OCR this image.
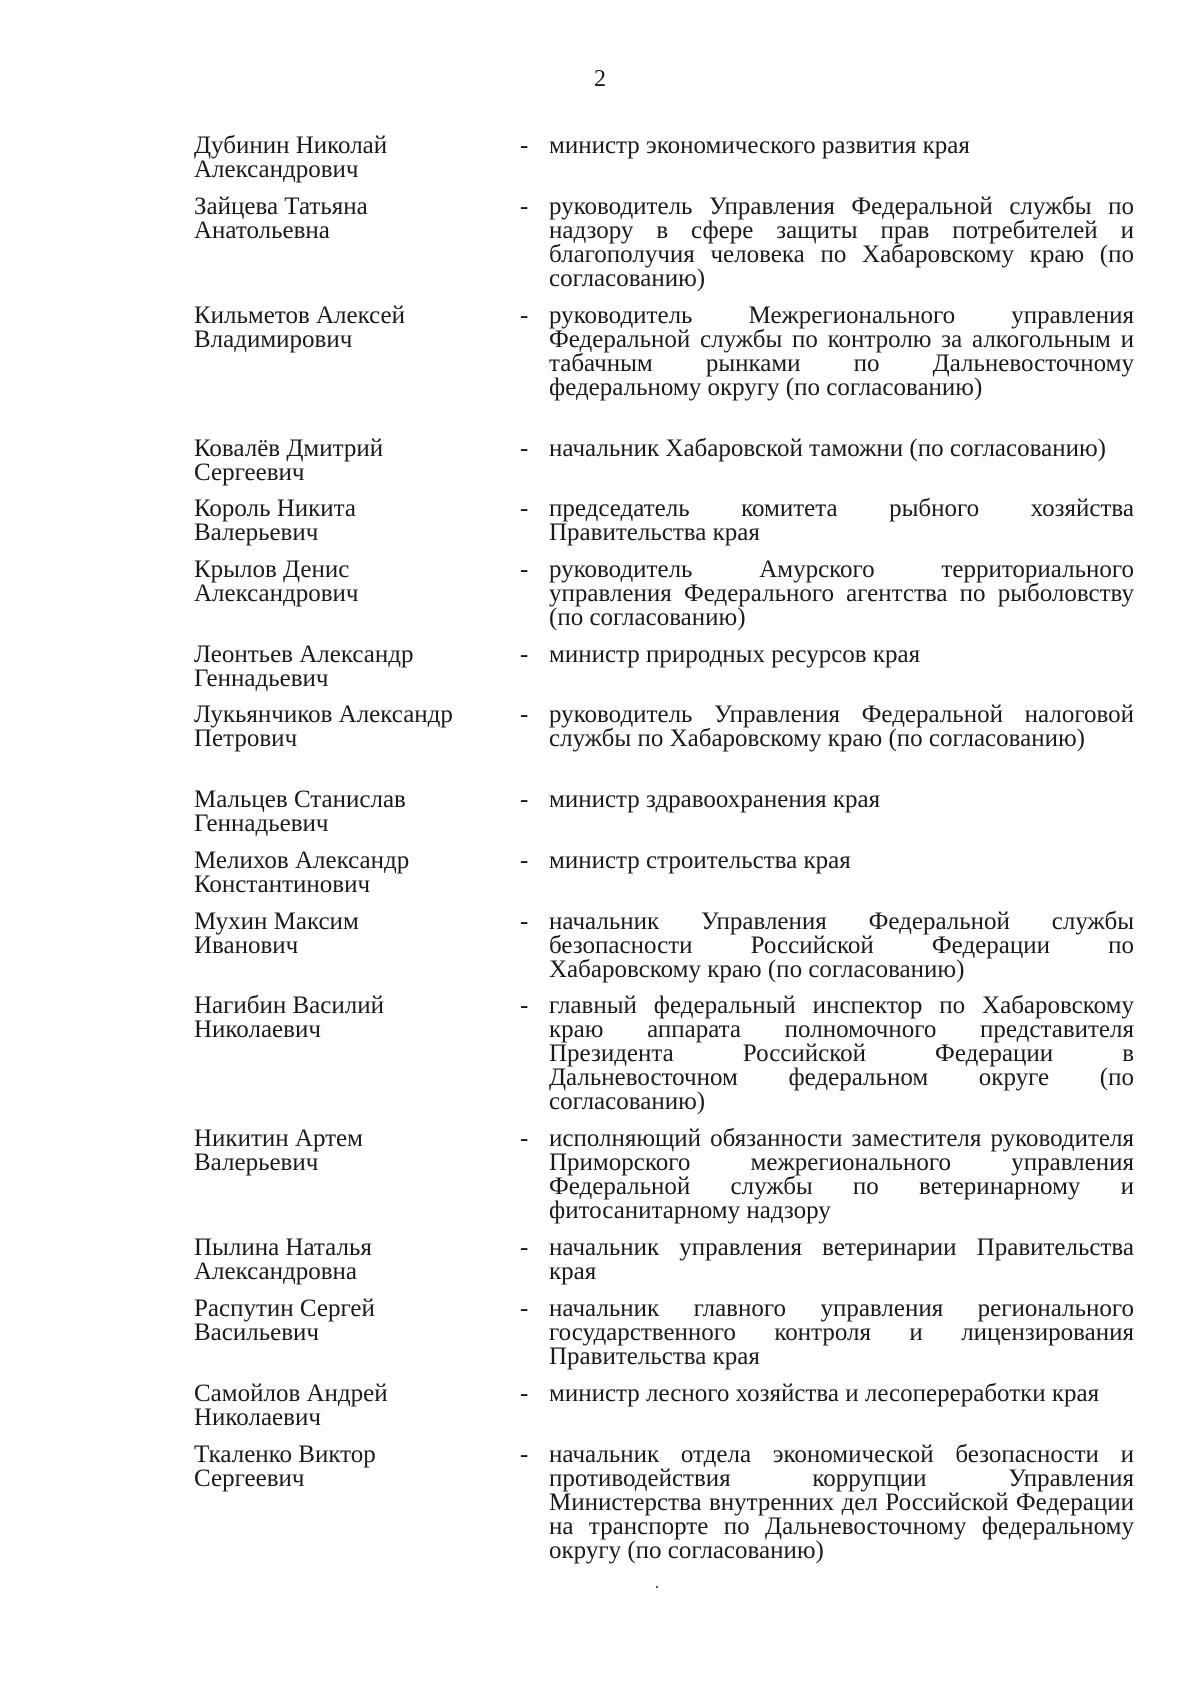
2
Дубинин Николай
Александрович
- министр экономического развития края
Зайцева Татьяна
Анатольевна
- руководитель Управления Федеральной службы по надзору в сфере защиты прав потребителей и благополучия человека по Хабаровскому краю (по согласованию)
Кильметов Алексей
Владимирович
- руководитель Межрегионального управления Федеральной службы по контролю за алкогольным и табачным рынками по Дальневосточному федеральному округу (по согласованию)
Ковалёв Дмитрий
Сергеевич
- начальник Хабаровской таможни (по согласованию)
Король Никита
Валерьевич
- председатель комитета рыбного хозяйства Правительства края
Крылов Денис
Александрович
- руководитель Амурского территориального управления Федерального агентства по рыболовству (по согласованию)
Леонтьев Александр
Геннадьевич
- министр природных ресурсов края
Лукьянчиков Александр
Петрович
- руководитель Управления Федеральной налоговой службы по Хабаровскому краю (по согласованию)
Мальцев Станислав
Геннадьевич
- министр здравоохранения края
Мелихов Александр
Константинович
- министр строительства края
Мухин Максим
Иванович
- начальник Управления Федеральной службы безопасности Российской Федерации по Хабаровскому краю (по согласованию)
Нагибин Василий
Николаевич
- главный федеральный инспектор по Хабаровскому краю аппарата полномочного представителя Президента Российской Федерации в Дальневосточном федеральном округе (по согласованию)
Никитин Артем
Валерьевич
- исполняющий обязанности заместителя руководителя Приморского межрегионального управления Федеральной службы по ветеринарному и фитосанитарному надзору
Пылина Наталья
Александровна
- начальник управления ветеринарии Правительства края
Распутин Сергей
Васильевич
- начальник главного управления регионального государственного контроля и лицензирования Правительства края
Самойлов Андрей
Николаевич
- министр лесного хозяйства и лесопереработки края
Ткаленко Виктор
Сергеевич
- начальник отдела экономической безопасности и противодействия коррупции Управления Министерства внутренних дел Российской Федерации на транспорте по Дальневосточному федеральному округу (по согласованию)
